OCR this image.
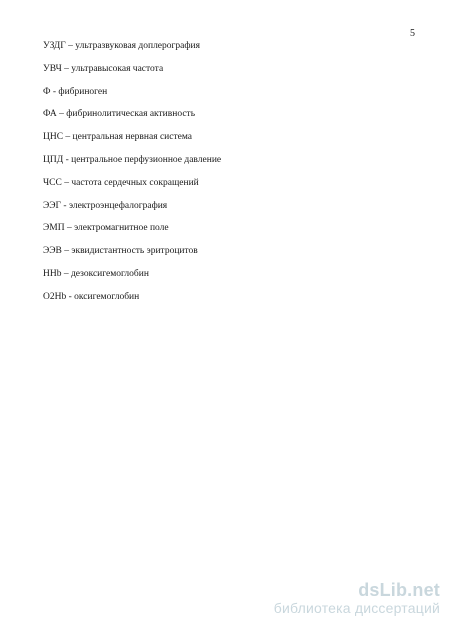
5
УЗДГ – ультразвуковая доплерография
УВЧ – ультравысокая частота
Ф - фибриноген
ФА – фибринолитическая активность
ЦНС – центральная нервная система
ЦПД - центральное перфузионное давление
ЧСС – частота сердечных сокращений
ЭЭГ - электроэнцефалография
ЭМП – электромагнитное поле
ЭЭВ – эквидистантность эритроцитов
ННb – дезоксигемоглобин
О2Нb - оксигемоглобин
dsLib.net
библиотека диссертаций
